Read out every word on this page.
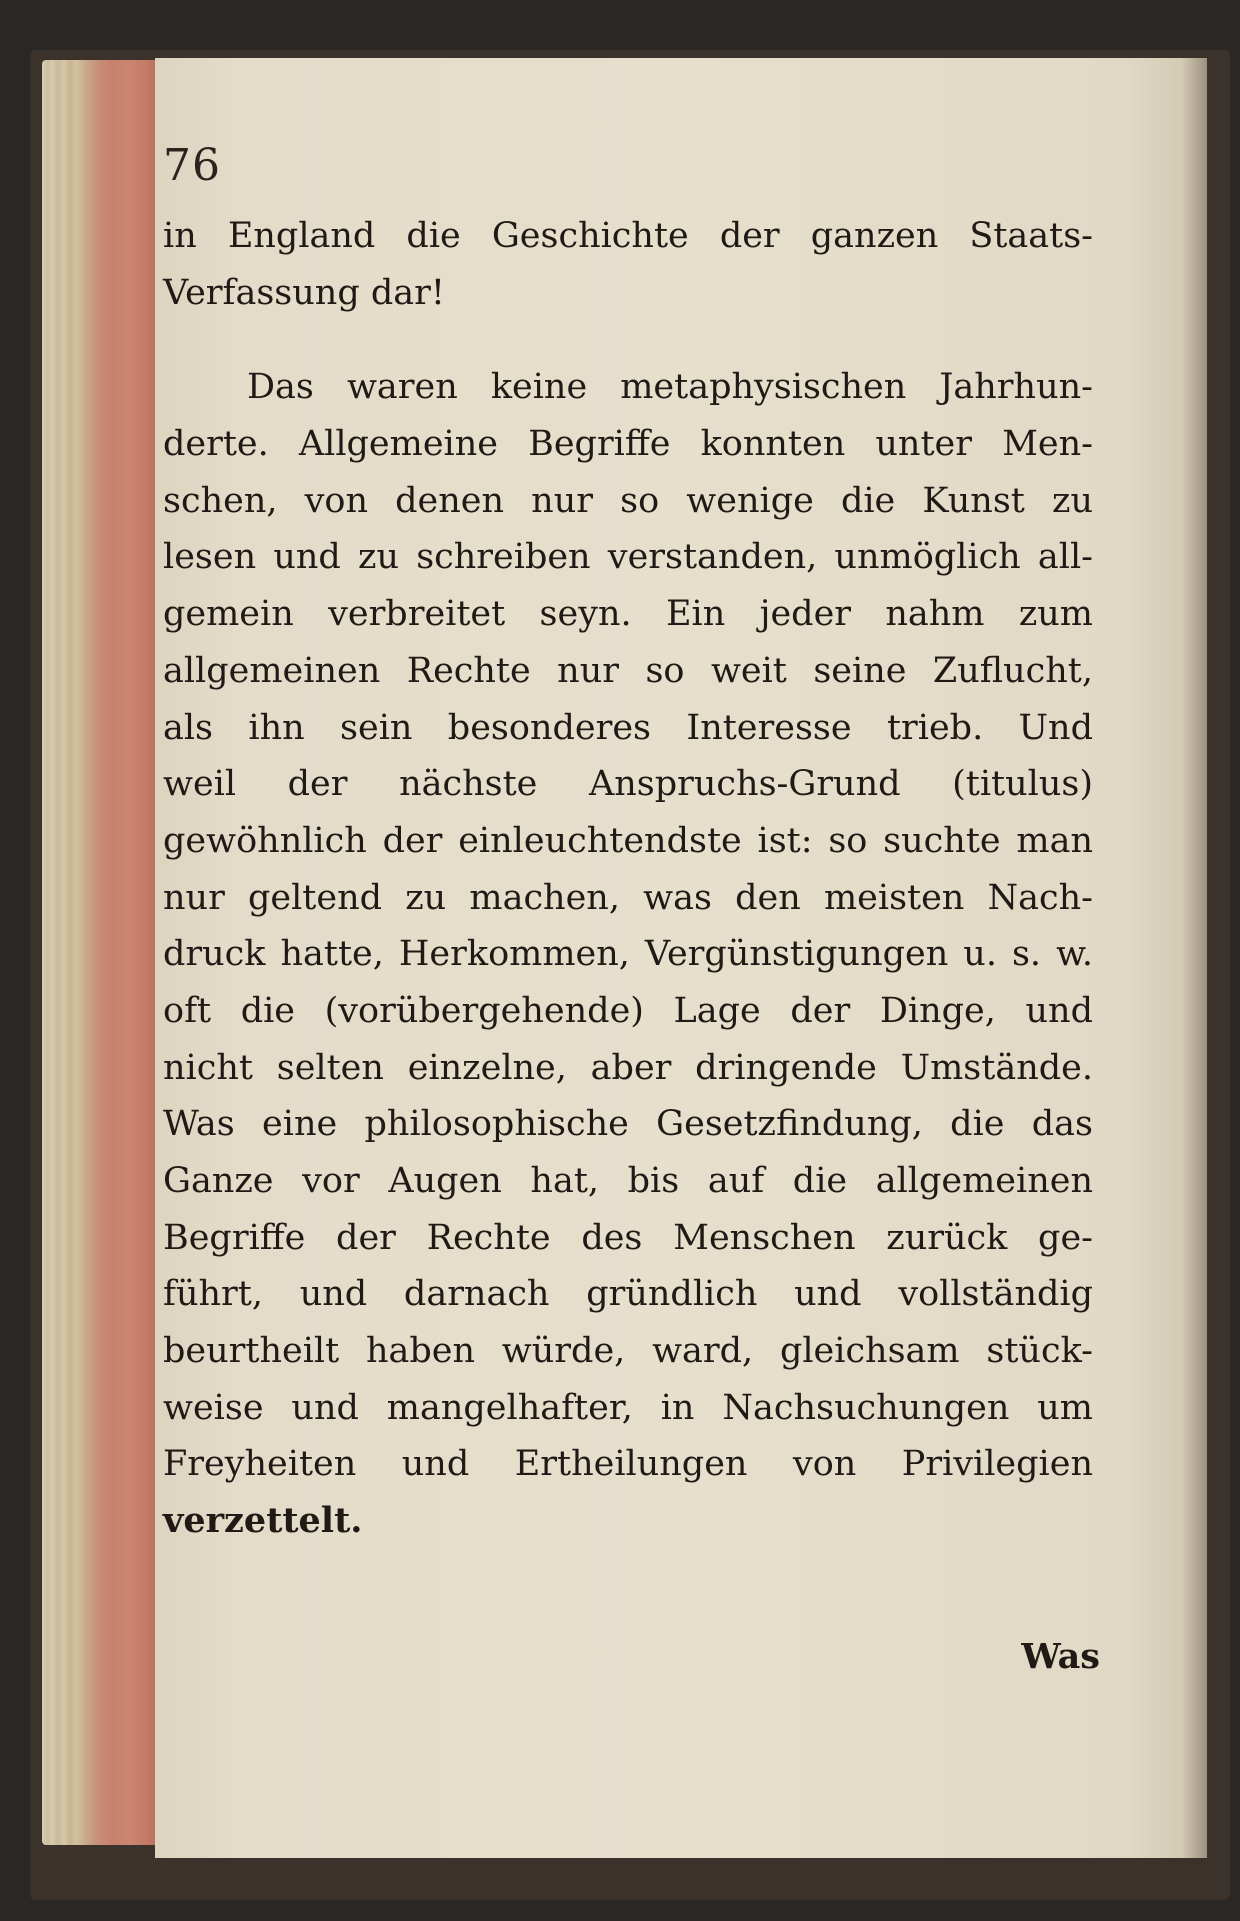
76
in England die Geschichte der ganzen Staats-
Verfassung dar!
Das waren keine metaphysischen Jahrhun-
derte. Allgemeine Begriffe konnten unter Men-
schen, von denen nur so wenige die Kunst zu
lesen und zu schreiben verstanden, unmöglich all-
gemein verbreitet seyn. Ein jeder nahm zum
allgemeinen Rechte nur so weit seine Zuflucht,
als ihn sein besonderes Interesse trieb. Und
weil der nächste Anspruchs-Grund (titulus)
gewöhnlich der einleuchtendste ist: so suchte man
nur geltend zu machen, was den meisten Nach-
druck hatte, Herkommen, Vergünstigungen u. s. w.
oft die (vorübergehende) Lage der Dinge, und
nicht selten einzelne, aber dringende Umstände.
Was eine philosophische Gesetzfindung, die das
Ganze vor Augen hat, bis auf die allgemeinen
Begriffe der Rechte des Menschen zurück ge-
führt, und darnach gründlich und vollständig
beurtheilt haben würde, ward, gleichsam stück-
weise und mangelhafter, in Nachsuchungen um
Freyheiten und Ertheilungen von Privilegien
verzettelt.
Was
